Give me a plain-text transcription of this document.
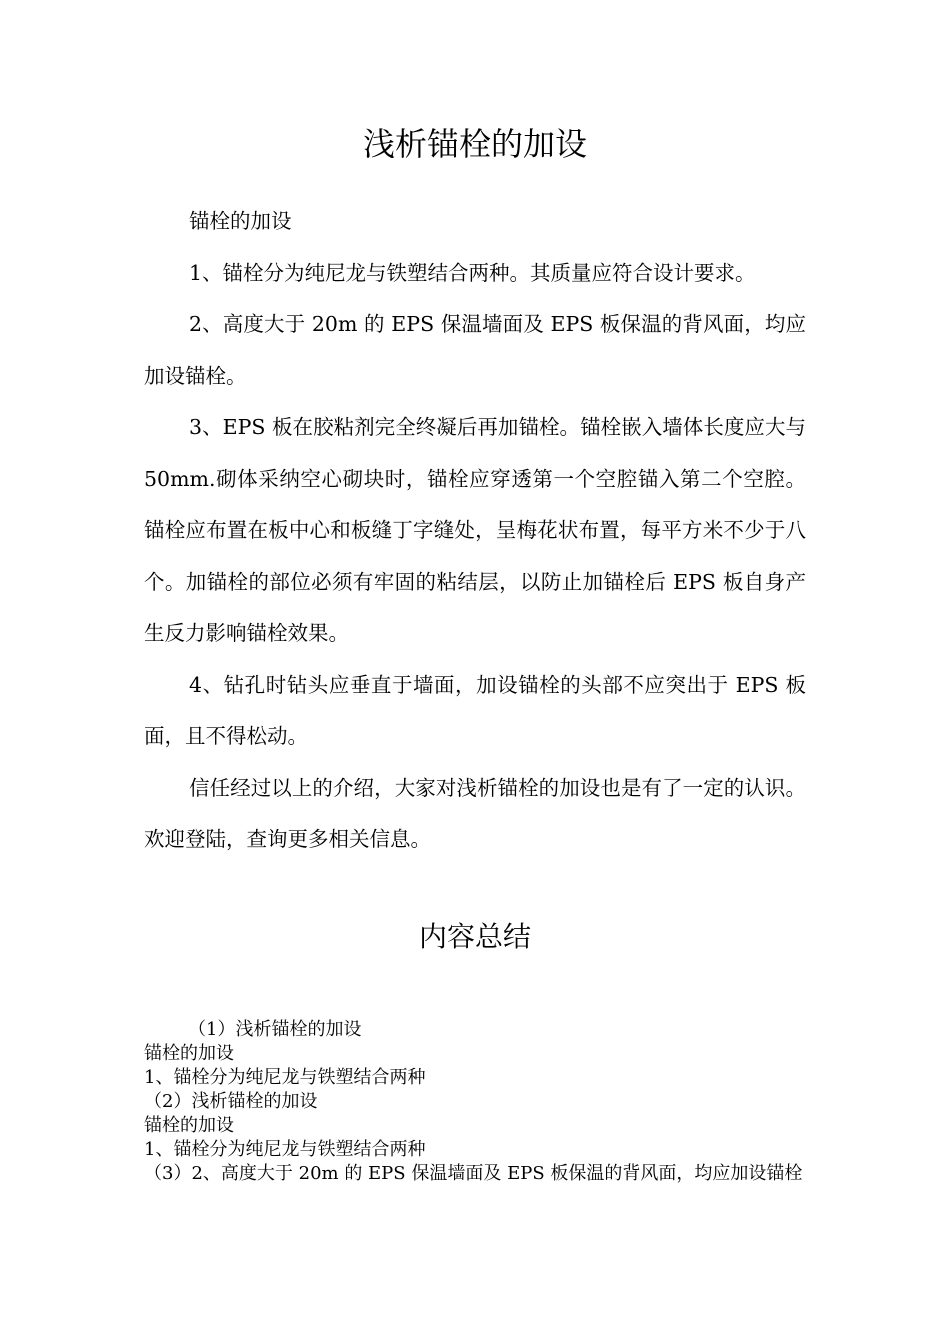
浅析锚栓的加设

锚栓的加设

1、锚栓分为纯尼龙与铁塑结合两种。其质量应符合设计要求。

2、高度大于 20m 的 EPS 保温墙面及 EPS 板保温的背风面，均应加设锚栓。

3、EPS 板在胶粘剂完全终凝后再加锚栓。锚栓嵌入墙体长度应大与 50mm.砌体采纳空心砌块时，锚栓应穿透第一个空腔锚入第二个空腔。锚栓应布置在板中心和板缝丁字缝处，呈梅花状布置，每平方米不少于八个。加锚栓的部位必须有牢固的粘结层，以防止加锚栓后 EPS 板自身产生反力影响锚栓效果。

4、钻孔时钻头应垂直于墙面，加设锚栓的头部不应突出于 EPS 板面，且不得松动。

信任经过以上的介绍，大家对浅析锚栓的加设也是有了一定的认识。欢迎登陆，查询更多相关信息。

内容总结
（1）浅析锚栓的加设
锚栓的加设
1、锚栓分为纯尼龙与铁塑结合两种
（2）浅析锚栓的加设
锚栓的加设
1、锚栓分为纯尼龙与铁塑结合两种
（3）2、高度大于 20m 的 EPS 保温墙面及 EPS 板保温的背风面，均应加设锚栓
